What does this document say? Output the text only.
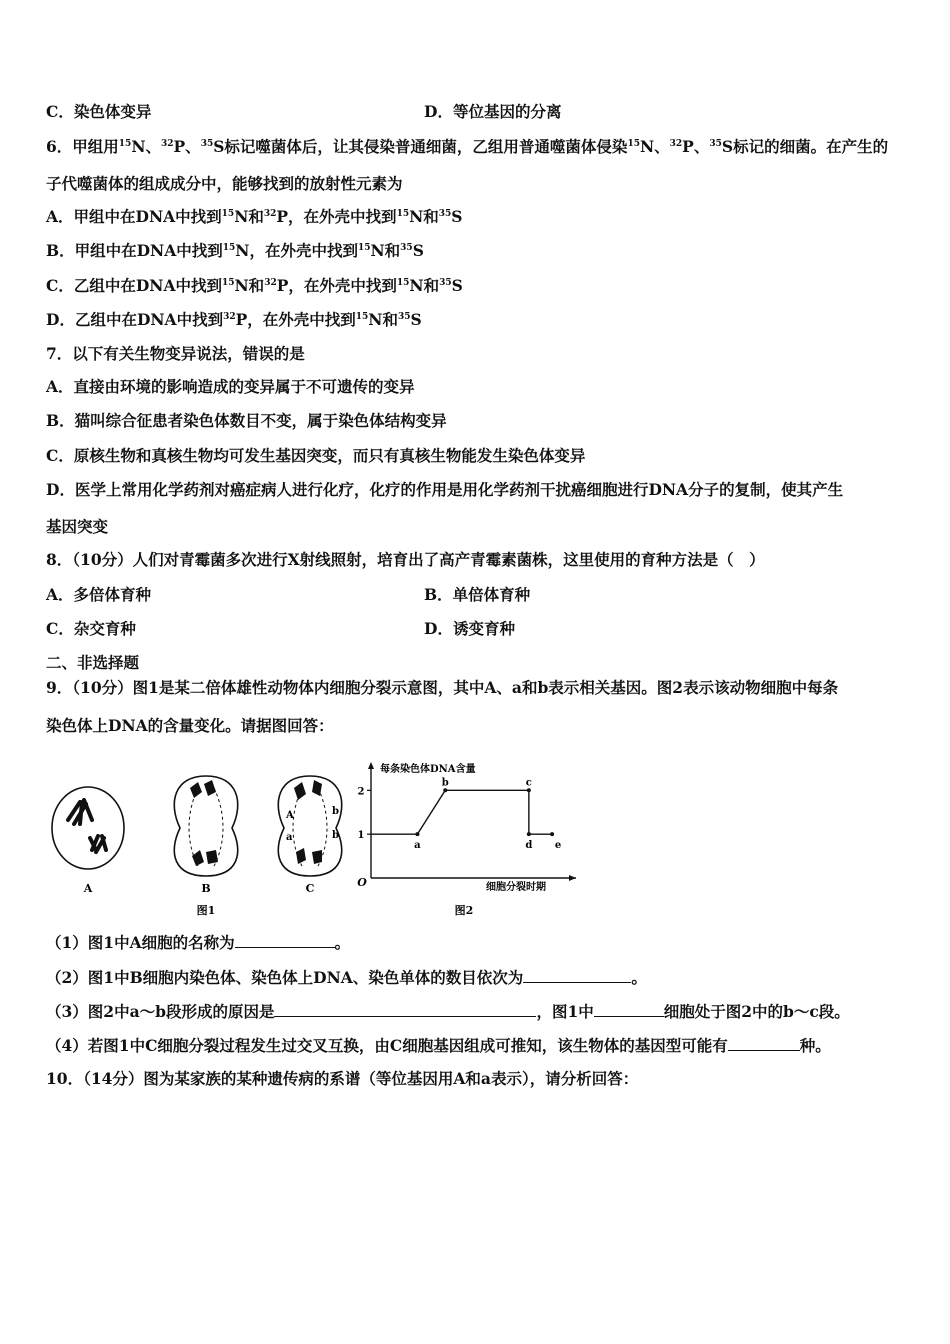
C．染色体变异	D．等位基因的分离
6．甲组用$^{15}$N、$^{32}$P、$^{35}$S标记噬菌体后，让其侵染普通细菌，乙组用普通噬菌体侵染$^{15}$N、$^{32}$P、$^{35}$S标记的细菌。在产生的
子代噬菌体的组成成分中，能够找到的放射性元素为
A．甲组中在DNA中找到$^{15}$N和$^{32}$P，在外壳中找到$^{15}$N和$^{35}$S
B．甲组中在DNA中找到$^{15}$N，在外壳中找到$^{15}$N和$^{35}$S
C．乙组中在DNA中找到$^{15}$N和$^{32}$P，在外壳中找到$^{15}$N和$^{35}$S
D．乙组中在DNA中找到$^{32}$P，在外壳中找到$^{15}$N和$^{35}$S
7．以下有关生物变异说法，错误的是
A．直接由环境的影响造成的变异属于不可遗传的变异
B．猫叫综合征患者染色体数目不变，属于染色体结构变异
C．原核生物和真核生物均可发生基因突变，而只有真核生物能发生染色体变异
D．医学上常用化学药剂对癌症病人进行化疗，化疗的作用是用化学药剂干扰癌细胞进行DNA分子的复制，使其产生
基因突变
8．（10分）人们对青霉菌多次进行X射线照射，培育出了高产青霉素菌株，这里使用的育种方法是（　）
A．多倍体育种	B．单倍体育种
C．杂交育种	D．诱变育种
二、非选择题
9．（10分）图1是某二倍体雄性动物体内细胞分裂示意图，其中A、a和b表示相关基因。图2表示该动物细胞中每条
染色体上DNA的含量变化。请据图回答：
A	B
A
a
b
b
C
图1
每条染色体DNA含量
细胞分裂时期
O
1
2
a
b	c
d e
图2
（1）图1中A细胞的名称为	。
（2）图1中B细胞内染色体、染色体上DNA、染色单体的数目依次为	。
（3）图2中a～b段形成的原因是	，图1中	细胞处于图2中的b～c段。
（4）若图1中C细胞分裂过程发生过交叉互换，由C细胞基因组成可推知，该生物体的基因型可能有	种。
10．（14分）图为某家族的某种遗传病的系谱（等位基因用A和a表示），请分析回答：
